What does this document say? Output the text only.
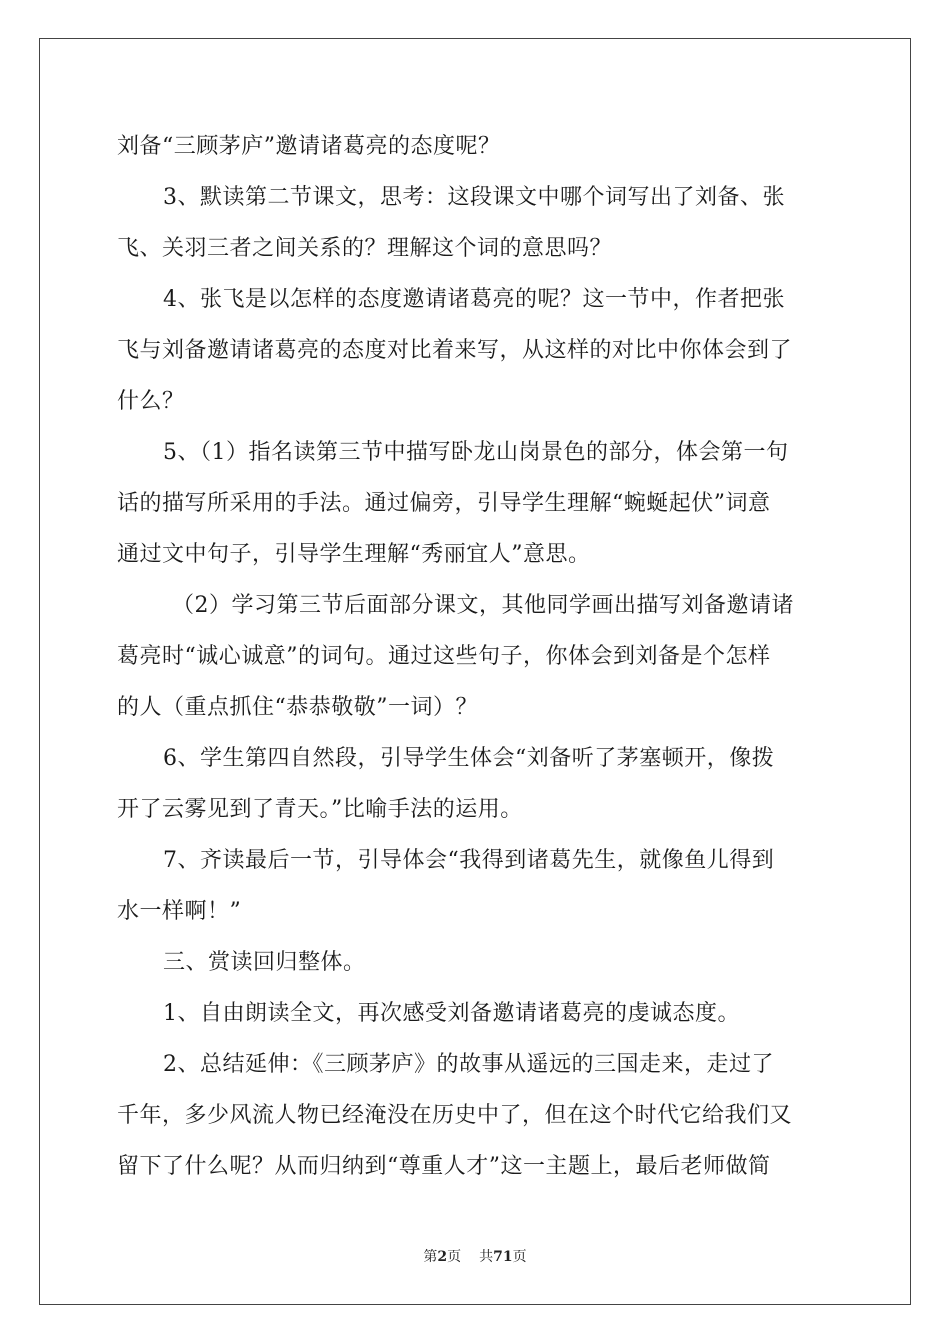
刘备“三顾茅庐”邀请诸葛亮的态度呢？
3、默读第二节课文，思考：这段课文中哪个词写出了刘备、张
飞、关羽三者之间关系的？理解这个词的意思吗？
4、张飞是以怎样的态度邀请诸葛亮的呢？这一节中，作者把张
飞与刘备邀请诸葛亮的态度对比着来写，从这样的对比中你体会到了
什么？
5、（1）指名读第三节中描写卧龙山岗景色的部分，体会第一句
话的描写所采用的手法。通过偏旁，引导学生理解“蜿蜒起伏”词意
通过文中句子，引导学生理解“秀丽宜人”意思。
（2）学习第三节后面部分课文，其他同学画出描写刘备邀请诸
葛亮时“诚心诚意”的词句。通过这些句子，你体会到刘备是个怎样
的人（重点抓住“恭恭敬敬”一词）？
6、学生第四自然段，引导学生体会“刘备听了茅塞顿开，像拨
开了云雾见到了青天。”比喻手法的运用。
7、齐读最后一节，引导体会“我得到诸葛先生，就像鱼儿得到
水一样啊！”
三、赏读回归整体。
1、自由朗读全文，再次感受刘备邀请诸葛亮的虔诚态度。
2、总结延伸：《三顾茅庐》的故事从遥远的三国走来，走过了
千年，多少风流人物已经淹没在历史中了，但在这个时代它给我们又
留下了什么呢？从而归纳到“尊重人才”这一主题上，最后老师做简
第2页 共71页
